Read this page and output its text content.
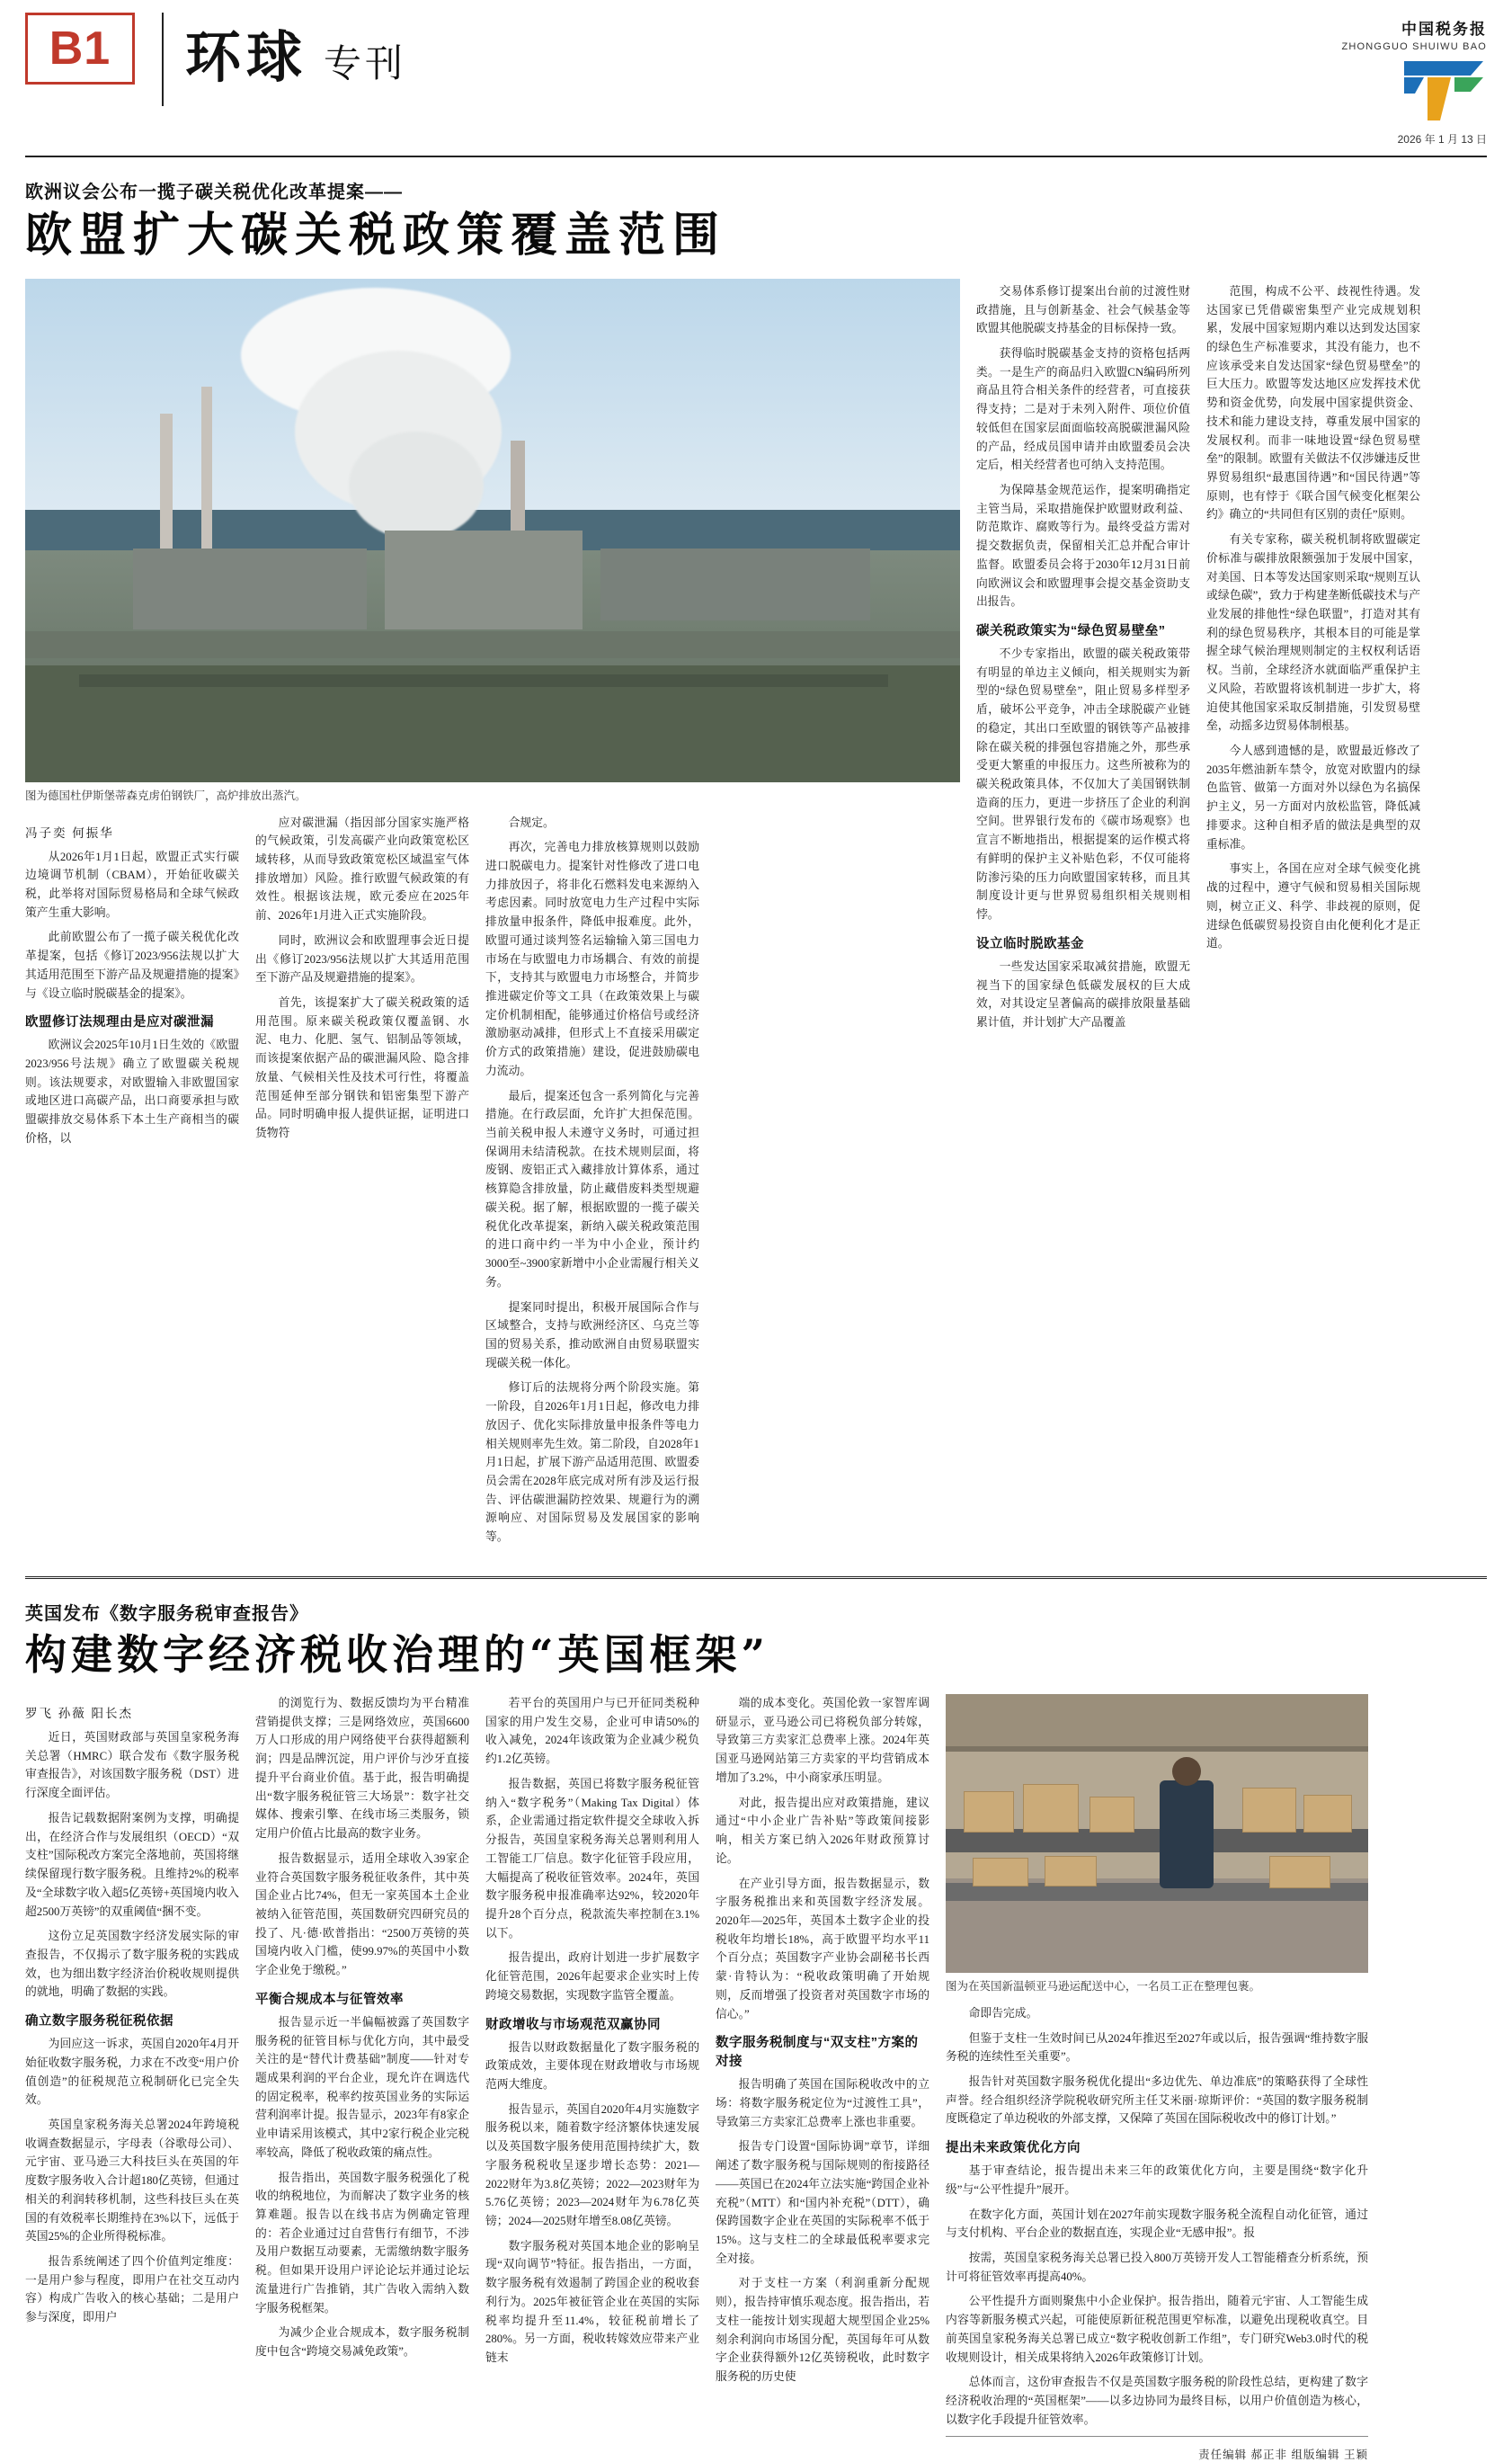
B1	环球 专刊
中国税务报
ZHONGGUO SHUIWU BAO
2026 年 1 月 13 日
欧洲议会公布一揽子碳关税优化改革提案——
欧盟扩大碳关税政策覆盖范围
图为德国杜伊斯堡蒂森克虏伯钢铁厂，高炉排放出蒸汽。
冯子奕 何振华

从2026年1月1日起，欧盟正式实行碳边境调节机制（CBAM），开始征收碳关税，此举将对国际贸易格局和全球气候政策产生重大影响。

此前欧盟公布了一揽子碳关税优化改革提案，包括《修订2023/956法规以扩大其适用范围至下游产品及规避措施的提案》与《设立临时脱碳基金的提案》。

欧盟修订法规理由是应对碳泄漏

欧洲议会2025年10月1日生效的《欧盟2023/956号法规》确立了欧盟碳关税规则。该法规要求，对欧盟输入非欧盟国家或地区进口高碳产品，出口商要承担与欧盟碳排放交易体系下本土生产商相当的碳价格，以

应对碳泄漏（指因部分国家实施严格的气候政策，引发高碳产业向政策宽松区域转移，从而导致政策宽松区域温室气体排放增加）风险。推行欧盟气候政策的有效性。根据该法规，欧元委应在2025年前、2026年1月进入正式实施阶段。

同时，欧洲议会和欧盟理事会近日提出《修订2023/956法规以扩大其适用范围至下游产品及规避措施的提案》。

首先，该提案扩大了碳关税政策的适用范围。原来碳关税政策仅覆盖钢、水泥、电力、化肥、氢气、铝制品等领域，而该提案依据产品的碳泄漏风险、隐含排放量、气候相关性及技术可行性，将覆盖范围延伸至部分钢铁和铝密集型下游产品。同时明确申报人提供证据，证明进口货物符

合规定。

再次，完善电力排放核算规则以鼓励进口脱碳电力。提案针对性修改了进口电力排放因子，将非化石燃料发电来源纳入考虑因素。同时放宽电力生产过程中实际排放量申报条件，降低申报难度。此外，欧盟可通过谈判签名运输输入第三国电力市场在与欧盟电力市场耦合、有效的前提下，支持其与欧盟电力市场整合，并简步推进碳定价等文工具（在政策效果上与碳定价机制相配，能够通过价格信号或经济激励驱动减排，但形式上不直接采用碳定价方式的政策措施）建设，促进鼓励碳电力流动。

最后，提案还包含一系列简化与完善措施。在行政层面，允许扩大担保范围。当前关税申报人未遵守义务时，可通过担保调用未结清税款。在技术规则层面，将废钢、废铝正式入藏排放计算体系，通过核算隐含排放量，防止藏借废料类型规避碳关税。据了解，根据欧盟的一揽子碳关税优化改革提案，新纳入碳关税政策范围的进口商中约一半为中小企业，预计约3000至~3900家新增中小企业需履行相关义务。

提案同时提出，积极开展国际合作与区域整合，支持与欧洲经济区、乌克兰等国的贸易关系，推动欧洲自由贸易联盟实现碳关税一体化。

修订后的法规将分两个阶段实施。第一阶段，自2026年1月1日起，修改电力排放因子、优化实际排放量申报条件等电力相关规则率先生效。第二阶段，自2028年1月1日起，扩展下游产品适用范围、欧盟委员会需在2028年底完成对所有涉及运行报告、评估碳泄漏防控效果、规避行为的溯源响应、对国际贸易及发展国家的影响等。

交易体系修订提案出台前的过渡性财政措施，且与创新基金、社会气候基金等欧盟其他脱碳支持基金的目标保持一致。

获得临时脱碳基金支持的资格包括两类。一是生产的商品归入欧盟CN编码所列商品且符合相关条件的经营者，可直接获得支持；二是对于未列入附件、项位价值较低但在国家层面面临较高脱碳泄漏风险的产品，经成员国申请并由欧盟委员会决定后，相关经营者也可纳入支持范围。

为保障基金规范运作，提案明确指定主管当局，采取措施保护欧盟财政利益、防范欺诈、腐败等行为。最终受益方需对提交数据负责，保留相关汇总并配合审计监督。欧盟委员会将于2030年12月31日前向欧洲议会和欧盟理事会提交基金资助支出报告。

碳关税政策实为“绿色贸易壁垒”

不少专家指出，欧盟的碳关税政策带有明显的单边主义倾向，相关规则实为新型的“绿色贸易壁垒”，阻止贸易多样型矛盾，破坏公平竞争，冲击全球脱碳产业链的稳定，其出口至欧盟的钢铁等产品被排除在碳关税的排强包容措施之外，那些承受更大繁重的申报压力。这些所被称为的碳关税政策具体，不仅加大了美国钢铁制造商的压力，更进一步挤压了企业的利润空间。世界银行发布的《碳市场观察》也宣言不断地指出，根据提案的运作模式将有鲜明的保护主义补贴色彩，不仅可能将防渗污染的压力向欧盟国家转移，而且其制度设计更与世界贸易组织相关规则相悖。

设立临时脱欧基金

一些发达国家采取减贫措施，欧盟无视当下的国家绿色低碳发展权的巨大成效，对其设定呈著偏高的碳排放限量基础累计值，并计划扩大产品覆盖

范围，构成不公平、歧视性待遇。发达国家已凭借碳密集型产业完成规划积累，发展中国家短期内难以达到发达国家的绿色生产标准要求，其没有能力，也不应该承受来自发达国家“绿色贸易壁垒”的巨大压力。欧盟等发达地区应发挥技术优势和资金优势，向发展中国家提供资金、技术和能力建设支持，尊重发展中国家的发展权利。而非一味地设置“绿色贸易壁垒”的限制。欧盟有关做法不仅涉嫌违反世界贸易组织“最惠国待遇”和“国民待遇”等原则，也有悖于《联合国气候变化框架公约》确立的“共同但有区别的责任”原则。

有关专家称，碳关税机制将欧盟碳定价标准与碳排放限额强加于发展中国家，对美国、日本等发达国家则采取“规则互认或绿色碳”，致力于构建垄断低碳技术与产业发展的排他性“绿色联盟”，打造对其有利的绿色贸易秩序，其根本目的可能是掌握全球气候治理规则制定的主权权利话语权。当前，全球经济水就面临严重保护主义风险，若欧盟将该机制进一步扩大，将迫使其他国家采取反制措施，引发贸易壁垒，动摇多边贸易体制根基。

今人感到遗憾的是，欧盟最近修改了2035年燃油新车禁令，放宽对欧盟内的绿色监管、做第一方面对外以绿色为名搞保护主义，另一方面对内放松监管，降低减排要求。这种自相矛盾的做法是典型的双重标准。

事实上，各国在应对全球气候变化挑战的过程中，遵守气候和贸易相关国际规则，树立正义、科学、非歧视的原则，促进绿色低碳贸易投资自由化便利化才是正道。

英国发布《数字服务税审查报告》
构建数字经济税收治理的“英国框架”
罗飞 孙薇 阳长杰

近日，英国财政部与英国皇家税务海关总署（HMRC）联合发布《数字服务税审查报告》，对该国数字服务税（DST）进行深度全面评估。

报告记载数据附案例为支撑，明确提出，在经济合作与发展组织（OECD）“双支柱”国际税改方案完全落地前，英国将继续保留现行数字服务税。且维持2%的税率及“全球数字收入超5亿英镑+英国境内收入超2500万英镑”的双重阈值“捆不变。

这份立足英国数字经济发展实际的审查报告，不仅揭示了数字服务税的实践成效，也为细出数字经济治价税收规则提供的就地，明确了数据的实践。

确立数字服务税征税依据

为回应这一诉求，英国自2020年4月开始征收数字服务税，力求在不改变“用户价值创造”的征税规范立税制研化已完全失效。

英国皇家税务海关总署2024年跨境税收调查数据显示，字母表（谷歌母公司）、元宇宙、亚马逊三大科技巨头在英国的年度数字服务收入合计超180亿英镑，但通过相关的利润转移机制，这些科技巨头在英国的有效税率长期维持在3%以下，远低于英国25%的企业所得税标准。

报告系统阐述了四个价值判定维度：一是用户参与程度，即用户在社交互动内容）构成广告收入的核心基础；二是用户参与深度，即用户

的浏览行为、数据反馈均为平台精准营销提供支撑；三是网络效应，英国6600万人口形成的用户网络使平台获得超额利润；四是品牌沉淀，用户评价与沙牙直接提升平台商业价值。基于此，报告明确提出“数字服务税征管三大场景”：数字社交媒体、搜索引擎、在线市场三类服务，锁定用户价值占比最高的数字业务。

报告数据显示，适用全球收入39家企业符合英国数字服务税征收条件，其中英国企业占比74%，但无一家英国本土企业被纳入征管范围，英国数研究四研究员的投了、凡·德·欧普指出：“2500万英镑的英国境内收入门槛，使99.97%的英国中小数字企业免于缴税。”

平衡合规成本与征管效率

报告显示近一半偏幅被露了英国数字服务税的征管目标与优化方向，其中最受关注的是“替代计费基础”制度——针对专题成果利润的平台企业，现允许在调选代的固定税率，税率约按英国业务的实际运营利润率计提。报告显示，2023年有8家企业申请采用该模式，其中2家行税企业完税率较高，降低了税收政策的痛点性。

报告指出，英国数字服务税强化了税收的纳税地位，为而解决了数字业务的核算难题。报告以在线书店为例确定管理的：若企业通过过自营售行有细节，不涉及用户数据互动要素，无需缴纳数字服务税。但如果开设用户评论论坛并通过论坛流量进行广告推销，其广告收入需纳入数字服务税框架。

为减少企业合规成本，数字服务税制度中包含“跨境交易减免政策”。

若平台的英国用户与已开征同类税种国家的用户发生交易，企业可申请50%的收入减免，2024年该政策为企业减少税负约1.2亿英镑。

报告数据，英国已将数字服务税征管纳入“数字税务”（Making Tax Digital）体系，企业需通过指定软件提交全球收入拆分报告，英国皇家税务海关总署则利用人工智能工厂信息。数字化征管手段应用，大幅提高了税收征管效率。2024年，英国数字服务税申报准确率达92%，较2020年提升28个百分点，税款流失率控制在3.1%以下。

报告提出，政府计划进一步扩展数字化征管范围，2026年起要求企业实时上传跨境交易数据，实现数字监管全覆盖。

财政增收与市场观范双赢协同

报告以财政数据量化了数字服务税的政策成效，主要体现在财政增收与市场规范两大维度。

报告显示，英国自2020年4月实施数字服务税以来，随着数字经济繁体快速发展以及英国数字服务使用范围持续扩大，数字服务税税收呈逐步增长态势：2021—2022财年为3.8亿英镑；2022—2023财年为5.76亿英镑；2023—2024财年为6.78亿英镑；2024—2025财年增至8.08亿英镑。

数字服务税对英国本地企业的影响呈现“双向调节”特征。报告指出，一方面，数字服务税有效遏制了跨国企业的税收套利行为。2025年被征管企业在英国的实际税率均提升至11.4%，较征税前增长了280%。另一方面，税收转嫁效应带来产业链末

端的成本变化。英国伦敦一家智库调研显示，亚马逊公司已将税负部分转嫁，导致第三方卖家汇总费率上涨。2024年英国亚马逊网站第三方卖家的平均营销成本增加了3.2%，中小商家承压明显。

对此，报告提出应对政策措施，建议通过“中小企业广告补贴”等政策间接影响，相关方案已纳入2026年财政预算讨论。

在产业引导方面，报告数据显示，数字服务税推出来和英国数字经济发展。2020年—2025年，英国本土数字企业的投税收年均增长18%，高于欧盟平均水平11个百分点；英国数字产业协会副秘书长西蒙·肯特认为：“税收政策明确了开始规则，反而增强了投资者对英国数字市场的信心。”

数字服务税制度与“双支柱”方案的对接

报告明确了英国在国际税收改中的立场：将数字服务税定位为“过渡性工具”，导致第三方卖家汇总费率上涨也非重要。

报告专门设置“国际协调”章节，详细阐述了数字服务税与国际规则的衔接路径——英国已在2024年立法实施“跨国企业补充税”（MTT）和“国内补充税”（DTT），确保跨国数字企业在英国的实际税率不低于15%。这与支柱二的全球最低税率要求完全对接。

对于支柱一方案（利润重新分配规则），报告持审慎乐观态度。报告指出，若支柱一能按计划实现超大规型国企业25%刻余利润向市场国分配，英国每年可从数字企业获得额外12亿英镑税收，此时数字服务税的历史使

图为在英国新温顿亚马逊运配送中心，一名员工正在整理包裹。

命即告完成。

但鉴于支柱一生效时间已从2024年推迟至2027年或以后，报告强调“维持数字服务税的连续性至关重要”。

报告针对英国数字服务税优化提出“多边优先、单边准底”的策略获得了全球性声誉。经合组织经济学院税收研究所主任艾米丽·琼斯评价：“英国的数字服务税制度既稳定了单边税收的外部支撑，又保障了英国在国际税收改中的修订计划。”

提出未来政策优化方向

基于审查结论，报告提出未来三年的政策优化方向，主要是围绕“数字化升级”与“公平性提升”展开。

在数字化方面，英国计划在2027年前实现数字服务税全流程自动化征管，通过与支付机构、平台企业的数据直连，实现企业“无感申报”。报

按需，英国皇家税务海关总署已投入800万英镑开发人工智能稽查分析系统，预计可将征管效率再提高40%。

公平性提升方面则聚焦中小企业保护。报告指出，随着元宇宙、人工智能生成内容等新服务模式兴起，可能使原新征税范围更窄标准，以避免出现税收真空。目前英国皇家税务海关总署已成立“数字税收创新工作组”，专门研究Web3.0时代的税收规则设计，相关成果将纳入2026年政策修订计划。

总体而言，这份审查报告不仅是英国数字服务税的阶段性总结，更构建了数字经济税收治理的“英国框架”——以多边协同为最终目标，以用户价值创造为核心，以数字化手段提升征管效率。

责任编辑 郝正非 组版编辑 王颖
